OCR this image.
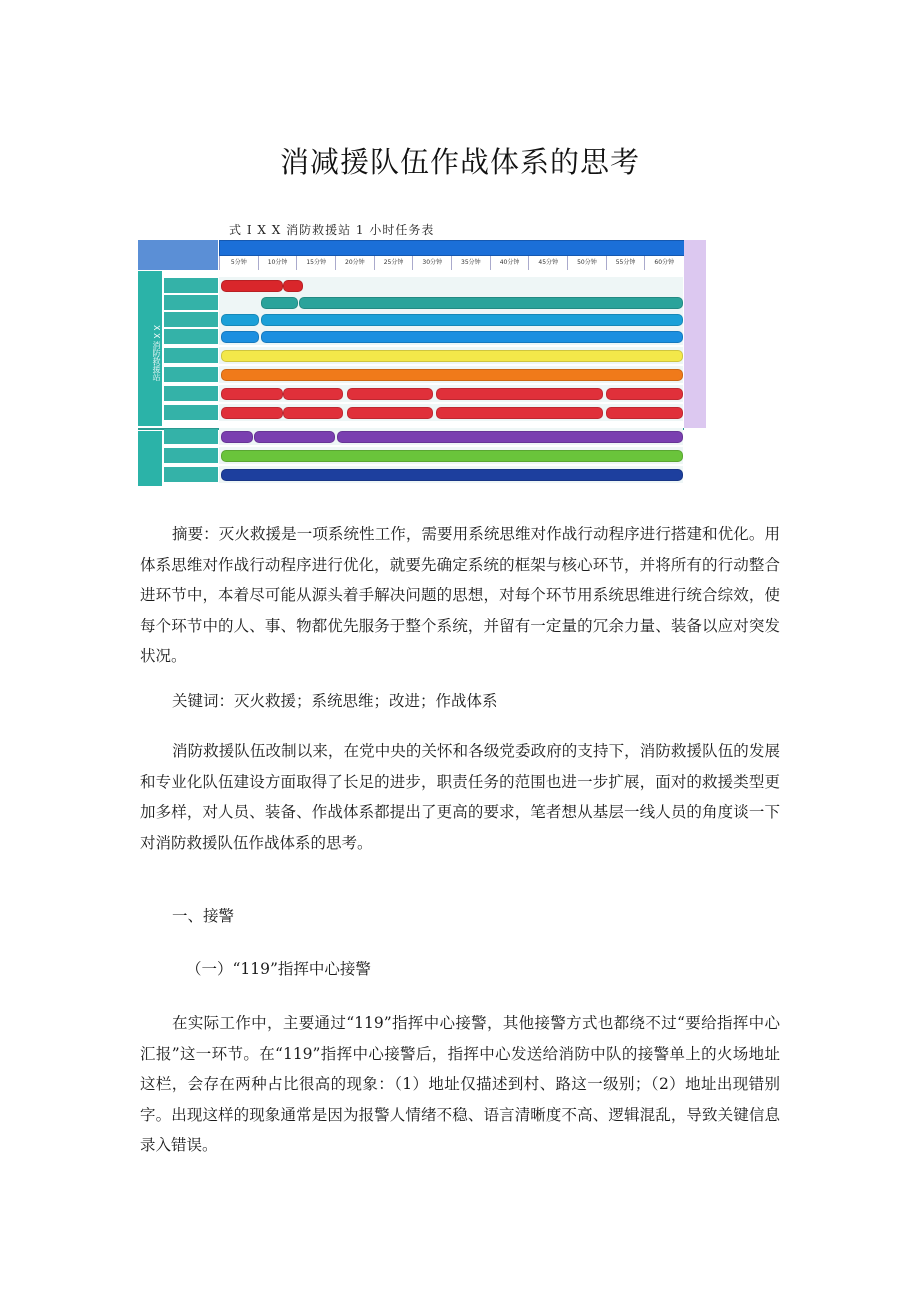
消减援队伍作战体系的思考
式 I X X 消防救援站 1 小时任务表
5分钟	10分钟	15分钟	20分钟	25分钟	30分钟	35分钟	40分钟	45分钟	50分钟	55分钟	60分钟
X X 消防救援站
摘要：灭火救援是一项系统性工作，需要用系统思维对作战行动程序进行搭建和优化。用体系思维对作战行动程序进行优化，就要先确定系统的框架与核心环节，并将所有的行动整合进环节中，本着尽可能从源头着手解决问题的思想，对每个环节用系统思维进行统合综效，使每个环节中的人、事、物都优先服务于整个系统，并留有一定量的冗余力量、装备以应对突发状况。
关键词：灭火救援；系统思维；改进；作战体系
消防救援队伍改制以来，在党中央的关怀和各级党委政府的支持下，消防救援队伍的发展和专业化队伍建设方面取得了长足的进步，职责任务的范围也进一步扩展，面对的救援类型更加多样，对人员、装备、作战体系都提出了更高的要求，笔者想从基层一线人员的角度谈一下对消防救援队伍作战体系的思考。
一、接警
（一）“119”指挥中心接警
在实际工作中，主要通过“119”指挥中心接警，其他接警方式也都绕不过“要给指挥中心汇报”这一环节。在“119”指挥中心接警后，指挥中心发送给消防中队的接警单上的火场地址这栏，会存在两种占比很高的现象：（1）地址仅描述到村、路这一级别；（2）地址出现错别字。出现这样的现象通常是因为报警人情绪不稳、语言清晰度不高、逻辑混乱，导致关键信息录入错误。
